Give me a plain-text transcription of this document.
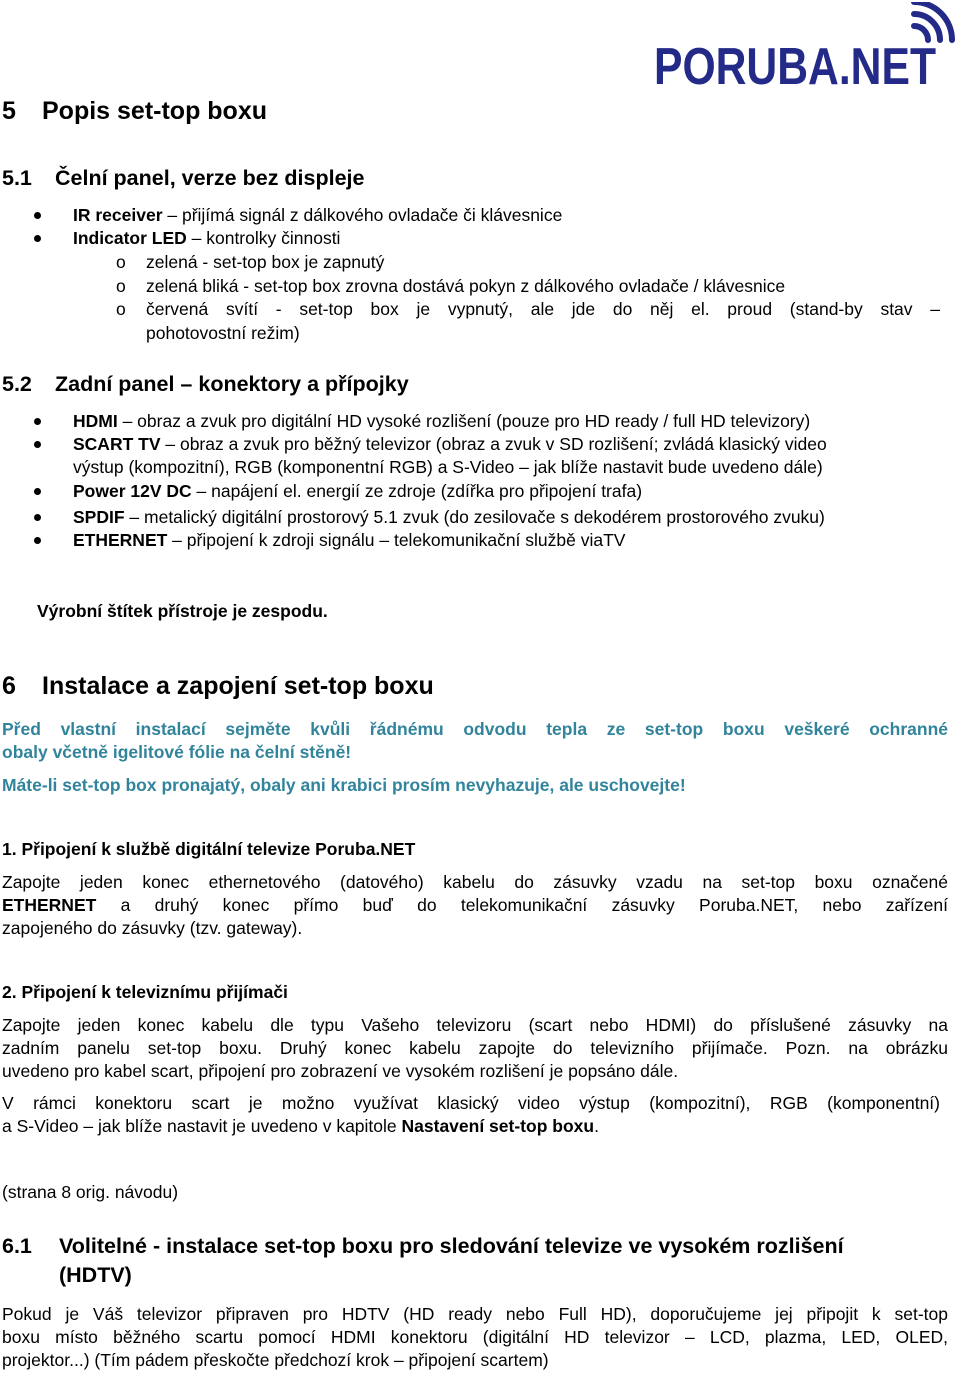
PORUBA.NET
5 Popis set-top boxu
5.1 Čelní panel, verze bez displeje
IR receiver – přijímá signál z dálkového ovladače či klávesnice
Indicator LED – kontrolky činnosti
o zelená - set-top box je zapnutý
o zelená bliká - set-top box zrovna dostává pokyn z dálkového ovladače / klávesnice
o červená svítí - set-top box je vypnutý, ale jde do něj el. proud (stand-by stav –
pohotovostní režim)
5.2 Zadní panel – konektory a přípojky
HDMI – obraz a zvuk pro digitální HD vysoké rozlišení (pouze pro HD ready / full HD televizory)
SCART TV – obraz a zvuk pro běžný televizor (obraz a zvuk v SD rozlišení; zvládá klasický video
výstup (kompozitní), RGB (komponentní RGB) a S-Video – jak blíže nastavit bude uvedeno dále)
Power 12V DC – napájení el. energií ze zdroje (zdířka pro připojení trafa)
SPDIF – metalický digitální prostorový 5.1 zvuk (do zesilovače s dekodérem prostorového zvuku)
ETHERNET – připojení k zdroji signálu – telekomunikační službě viaTV
Výrobní štítek přístroje je zespodu.
6 Instalace a zapojení set-top boxu
Před vlastní instalací sejměte kvůli řádnému odvodu tepla ze set-top boxu veškeré ochranné
obaly včetně igelitové fólie na čelní stěně!
Máte-li set-top box pronajatý, obaly ani krabici prosím nevyhazuje, ale uschovejte!
1. Připojení k službě digitální televize Poruba.NET
Zapojte jeden konec ethernetového (datového) kabelu do zásuvky vzadu na set-top boxu označené
ETHERNET a druhý konec přímo buď do telekomunikační zásuvky Poruba.NET, nebo zařízení
zapojeného do zásuvky (tzv. gateway).
2. Připojení k televiznímu přijímači
Zapojte jeden konec kabelu dle typu Vašeho televizoru (scart nebo HDMI) do příslušené zásuvky na
zadním panelu set-top boxu. Druhý konec kabelu zapojte do televizního přijímače. Pozn. na obrázku
uvedeno pro kabel scart, připojení pro zobrazení ve vysokém rozlišení je popsáno dále.
V rámci konektoru scart je možno využívat klasický video výstup (kompozitní), RGB (komponentní)
a S-Video – jak blíže nastavit je uvedeno v kapitole Nastavení set-top boxu.
(strana 8 orig. návodu)
6.1 Volitelné - instalace set-top boxu pro sledování televize ve vysokém rozlišení
(HDTV)
Pokud je Váš televizor připraven pro HDTV (HD ready nebo Full HD), doporučujeme jej připojit k set-top
boxu místo běžného scartu pomocí HDMI konektoru (digitální HD televizor – LCD, plazma, LED, OLED,
projektor...) (Tím pádem přeskočte předchozí krok – připojení scartem)
